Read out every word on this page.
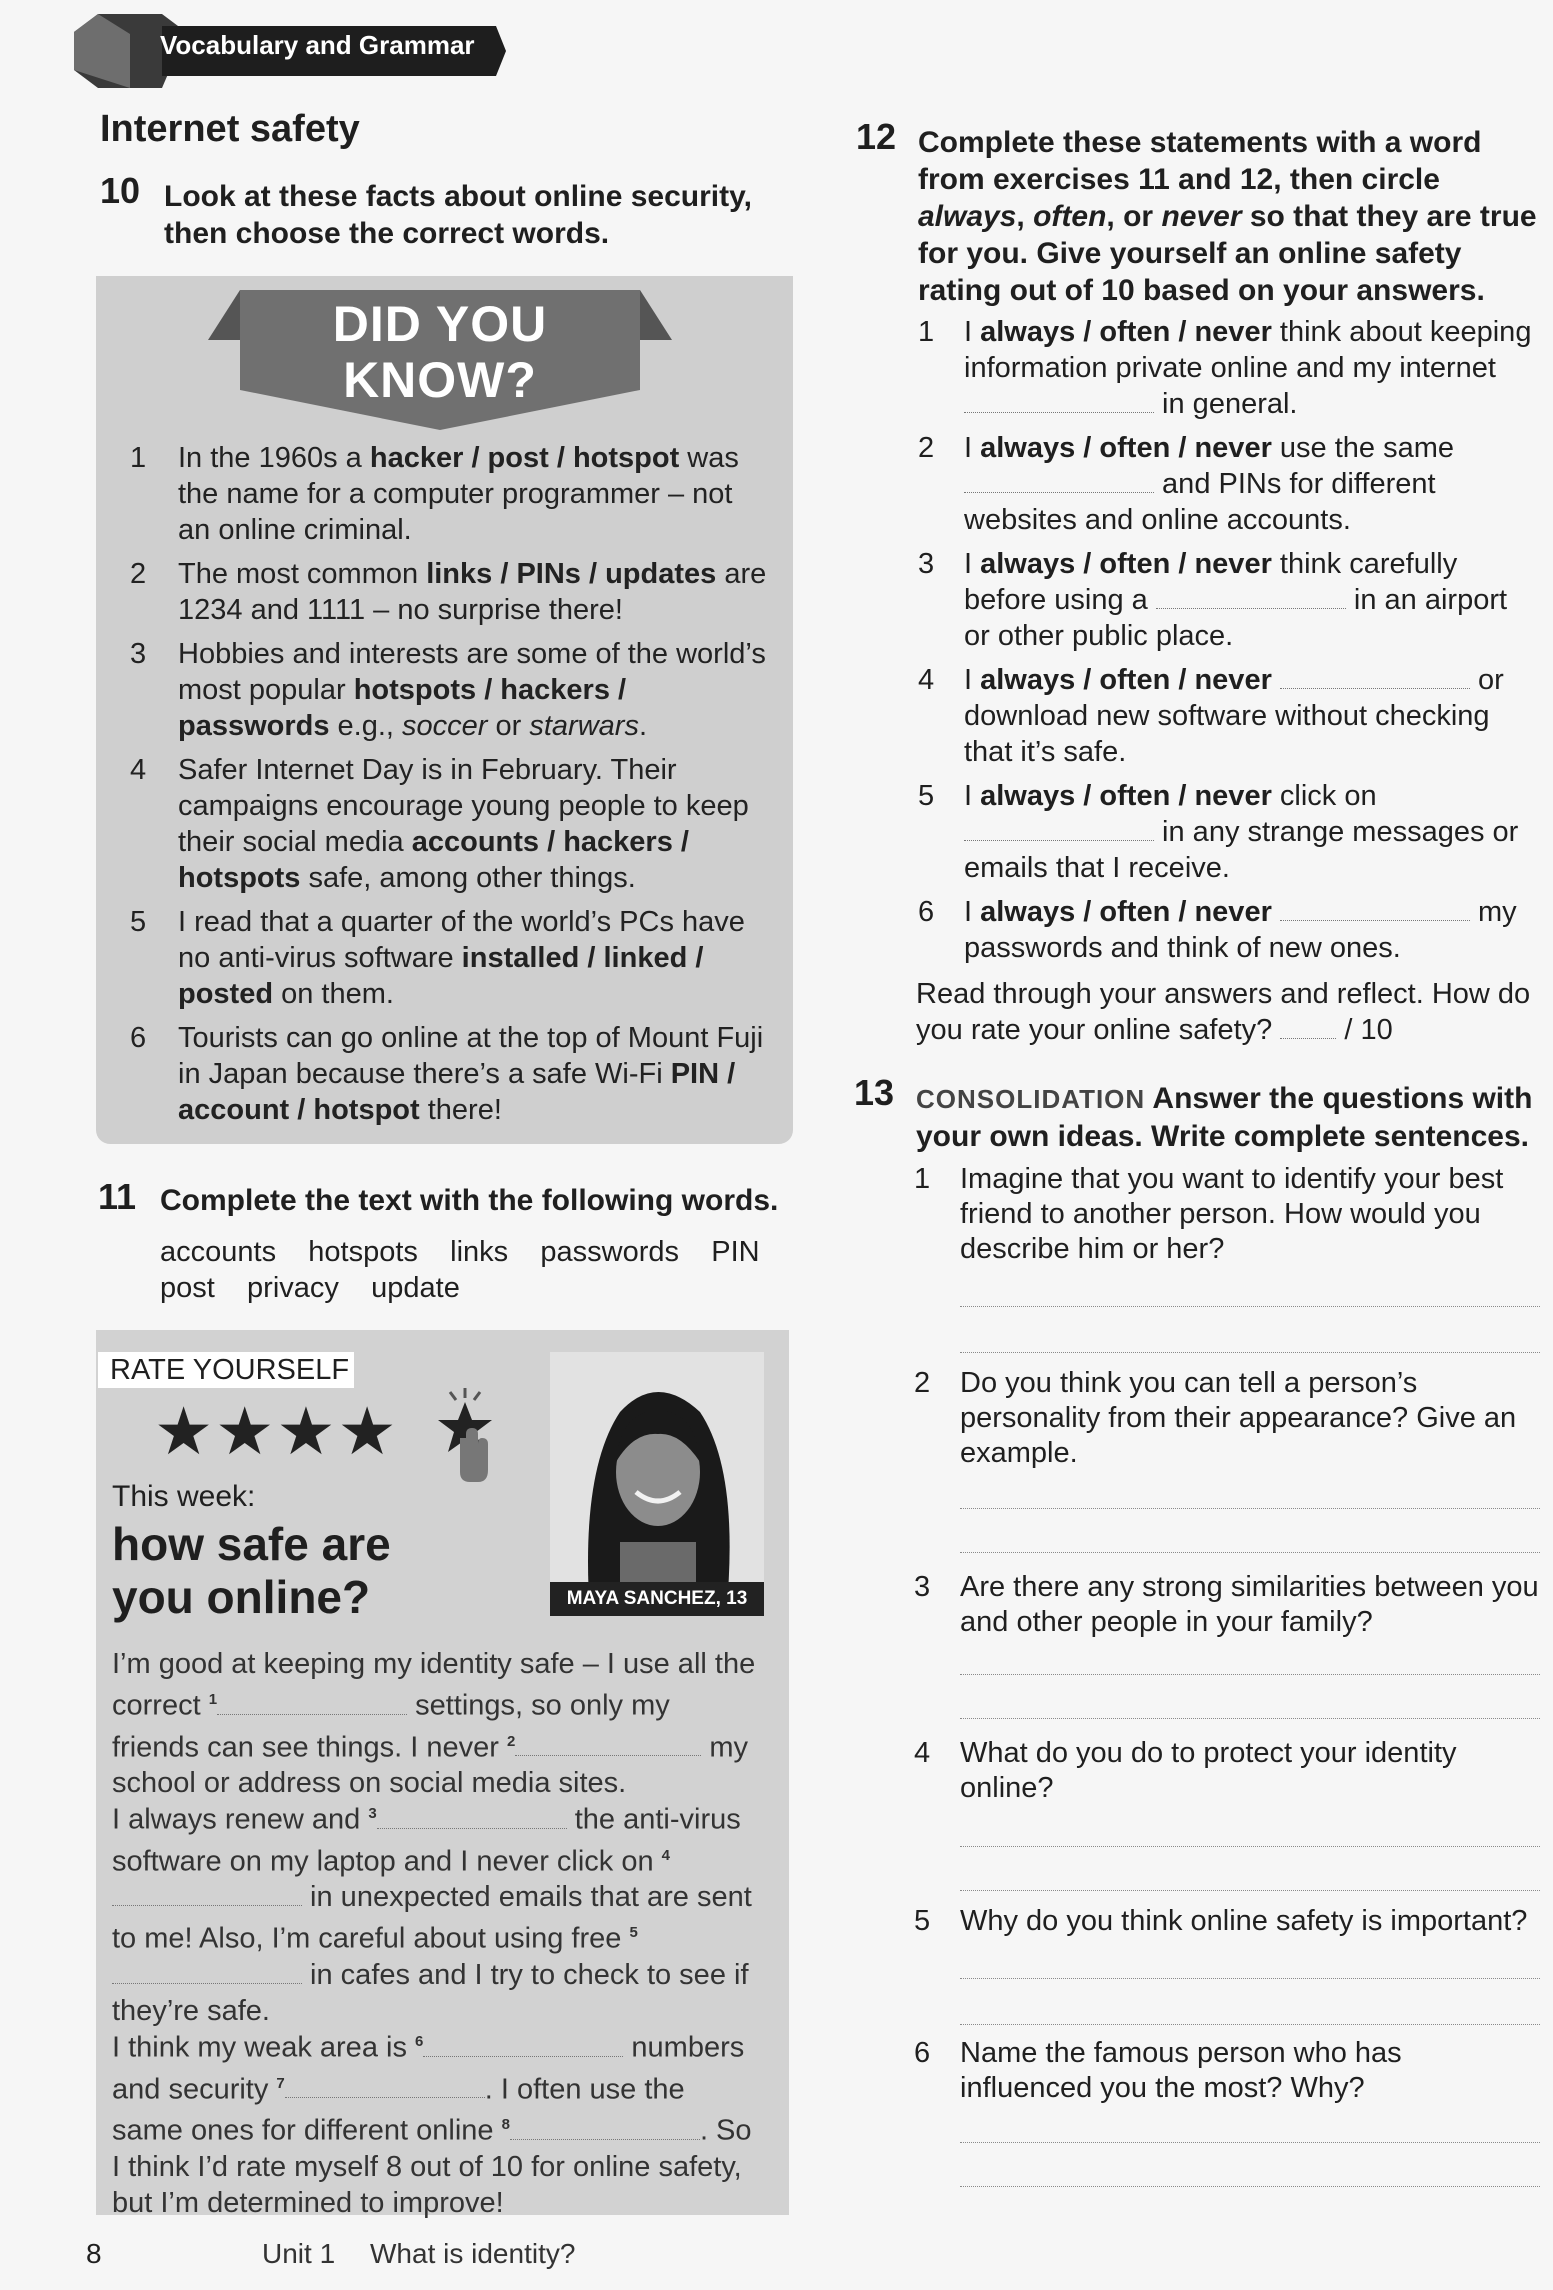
Vocabulary and Grammar
Internet safety
10 Look at these facts about online security, then choose the correct words.
DID YOU
KNOW?
1 In the 1960s a hacker / post / hotspot was the name for a computer programmer – not an online criminal.
2 The most common links / PINs / updates are 1234 and 1111 – no surprise there!
3 Hobbies and interests are some of the world’s most popular hotspots / hackers / passwords e.g., soccer or starwars.
4 Safer Internet Day is in February. Their campaigns encourage young people to keep their social media accounts / hackers / hotspots safe, among other things.
5 I read that a quarter of the world’s PCs have no anti-virus software installed / linked / posted on them.
6 Tourists can go online at the top of Mount Fuji in Japan because there’s a safe Wi-Fi PIN / account / hotspot there!
11 Complete the text with the following words.
accounts    hotspots    links    passwords    PIN
post    privacy    update
RATE YOURSELF
★★★★
This week:
how safe are
you online?	MAYA SANCHEZ, 13
I’m good at keeping my identity safe – I use all the correct $^1$	settings, so only my friends can see things. I never $^2$	my school or address on social media sites.
I always renew and $^3$	the anti-virus software on my laptop and I never click on $^4$ in unexpected emails that are sent to me! Also, I’m careful about using free $^5$ in cafes and I try to check to see if they’re safe.
I think my weak area is $^6$	numbers and security $^7$	. I often use the same ones for different online $^8$	. So I think I’d rate myself 8 out of 10 for online safety, but I’m determined to improve!
12 Complete these statements with a word from exercises 11 and 12, then circle always, often, or never so that they are true for you. Give yourself an online safety rating out of 10 based on your answers.
1 I always / often / never think about keeping information private online and my internet  in general.
2 I always / often / never use the same  and PINs for different websites and online accounts.
3 I always / often / never think carefully before using a	in an airport or other public place.
4 I always / often / never	or download new software without checking that it’s safe.
5 I always / often / never click on  in any strange messages or emails that I receive.
6 I always / often / never	my passwords and think of new ones.
Read through your answers and reflect. How do you rate your online safety?  / 10
13 CONSOLIDATION Answer the questions with your own ideas. Write complete sentences.
1 Imagine that you want to identify your best friend to another person. How would you describe him or her?
2 Do you think you can tell a person’s personality from their appearance? Give an example.
3 Are there any strong similarities between you and other people in your family?
4 What do you do to protect your identity online?
5 Why do you think online safety is important?
6 Name the famous person who has influenced you the most? Why?
8	Unit 1 What is identity?
